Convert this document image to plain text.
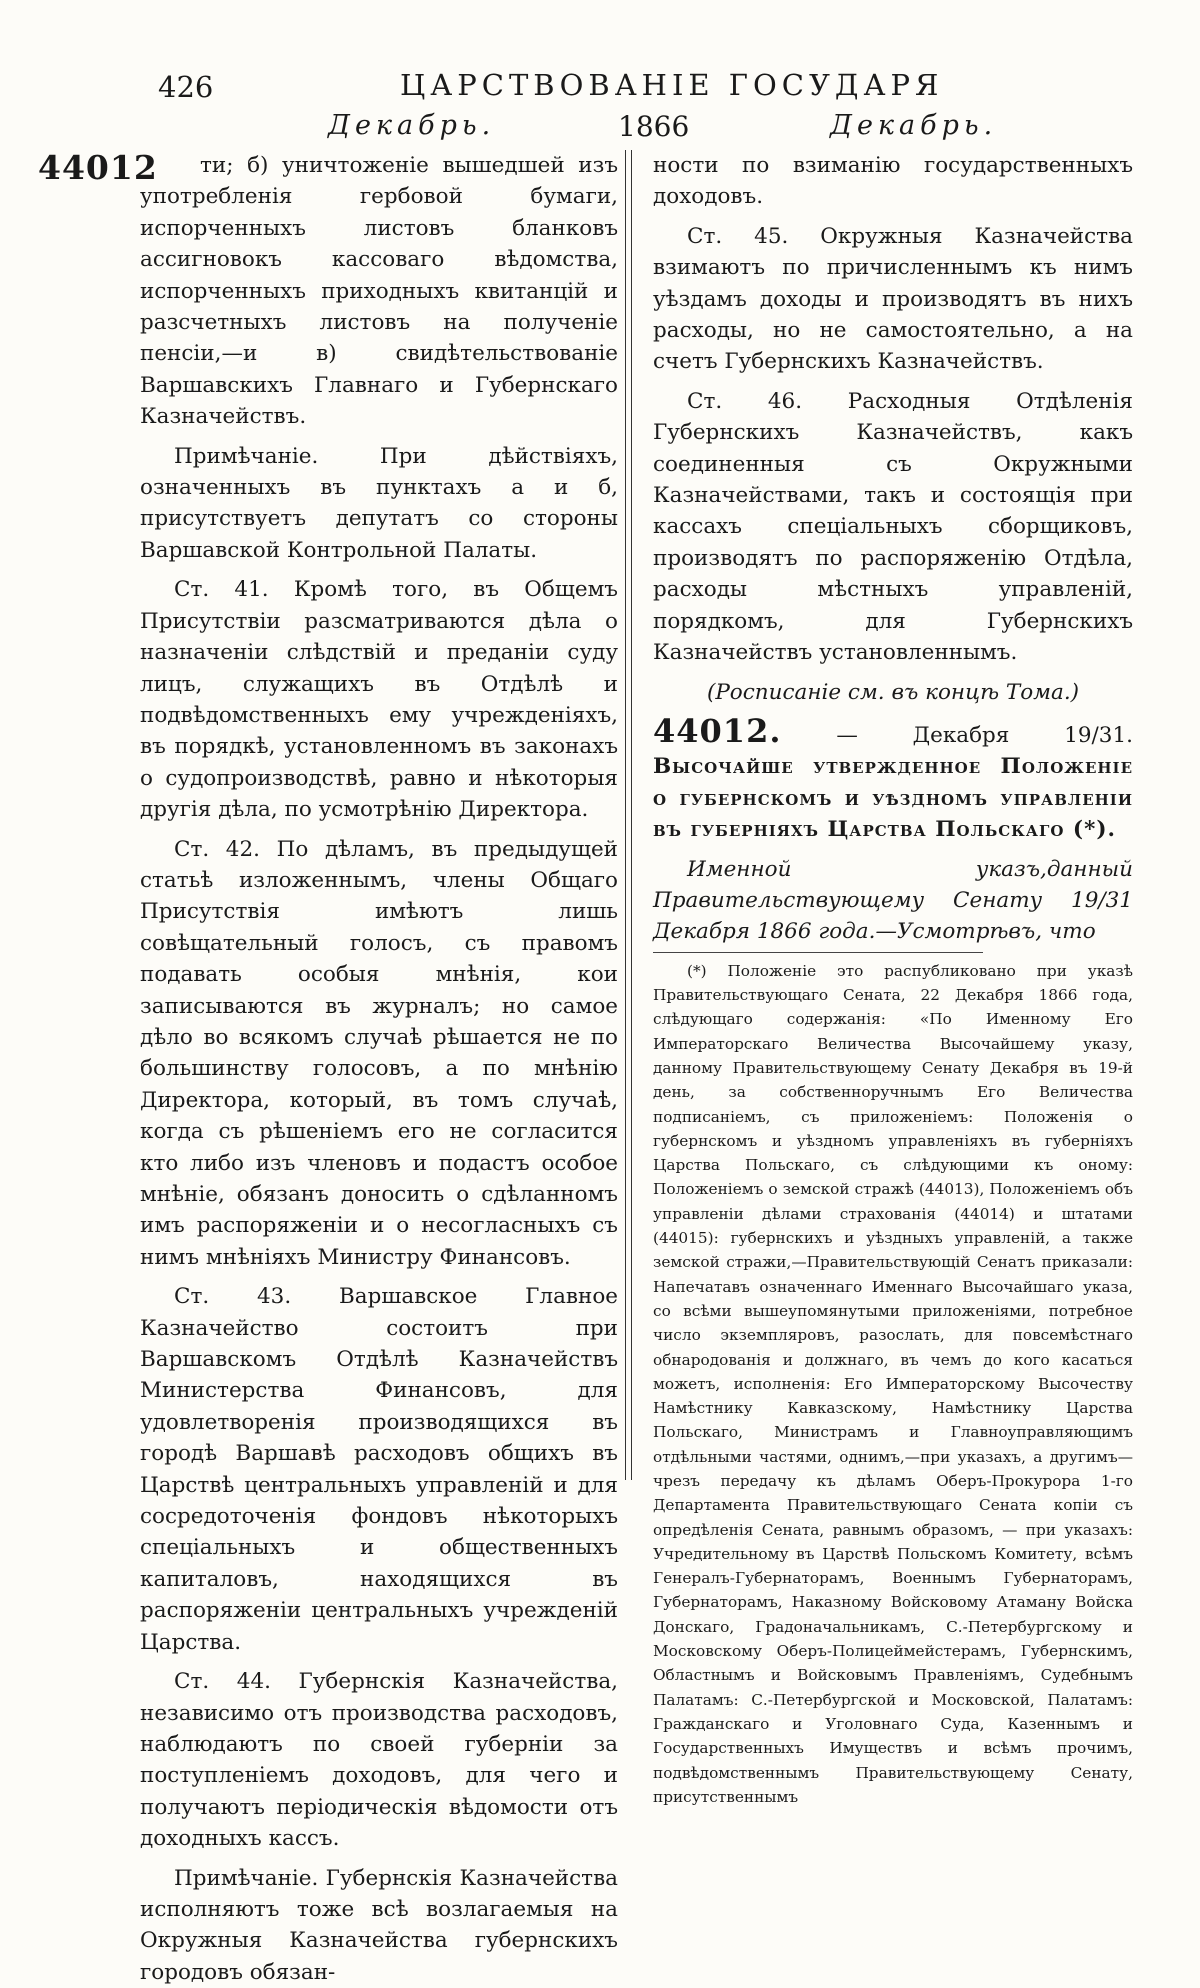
426	ЦАРСТВОВАНІЕ ГОСУДАРЯ
Декабрь.	1866	Декабрь.
44012	ти; б) уничтоженіе вышедшей изъ употребленія гербовой бумаги, испорченныхъ листовъ бланковъ ассигновокъ кассоваго вѣдомства, испорченныхъ приходныхъ квитанцій и разсчетныхъ листовъ на полученіе пенсіи,—и в) свидѣтельствованіе Варшавскихъ Главнаго и Губернскаго Казначействъ.

Примѣчаніе. При дѣйствіяхъ, означенныхъ въ пунктахъ а и б, присутствуетъ депутатъ со стороны Варшавской Контрольной Палаты.

Ст. 41. Кромѣ того, въ Общемъ Присутствіи разсматриваются дѣла о назначеніи слѣдствій и преданіи суду лицъ, служащихъ въ Отдѣлѣ и подвѣдомственныхъ ему учрежденіяхъ, въ порядкѣ, установленномъ въ законахъ о судопроизводствѣ, равно и нѣкоторыя другія дѣла, по усмотрѣнію Директора.

Ст. 42. По дѣламъ, въ предыдущей статьѣ изложеннымъ, члены Общаго Присутствія имѣютъ лишь совѣщательный голосъ, съ правомъ подавать особыя мнѣнія, кои записываются въ журналъ; но самое дѣло во всякомъ случаѣ рѣшается не по большинству голосовъ, а по мнѣнію Директора, который, въ томъ случаѣ, когда съ рѣшеніемъ его не согласится кто либо изъ членовъ и подастъ особое мнѣніе, обязанъ доносить о сдѣланномъ имъ распоряженіи и о несогласныхъ съ нимъ мнѣніяхъ Министру Финансовъ.

Ст. 43. Варшавское Главное Казначейство состоитъ при Варшавскомъ Отдѣлѣ Казначействъ Министерства Финансовъ, для удовлетворенія производящихся въ городѣ Варшавѣ расходовъ общихъ въ Царствѣ центральныхъ управленій и для сосредоточенія фондовъ нѣкоторыхъ спеціальныхъ и общественныхъ капиталовъ, находящихся въ распоряженіи центральныхъ учрежденій Царства.

Ст. 44. Губернскія Казначейства, независимо отъ производства расходовъ, наблюдаютъ по своей губерніи за поступленіемъ доходовъ, для чего и получаютъ періодическія вѣдомости отъ доходныхъ кассъ.

Примѣчаніе. Губернскія Казначейства исполняютъ тоже всѣ возлагаемыя на Окружныя Казначейства губернскихъ городовъ обязан-

ности по взиманію государственныхъ доходовъ.

Ст. 45. Окружныя Казначейства взимаютъ по причисленнымъ къ нимъ уѣздамъ доходы и производятъ въ нихъ расходы, но не самостоятельно, а на счетъ Губернскихъ Казначействъ.

Ст. 46. Расходныя Отдѣленія Губернскихъ Казначействъ, какъ соединенныя съ Окружными Казначействами, такъ и состоящія при кассахъ спеціальныхъ сборщиковъ, производятъ по распоряженію Отдѣла, расходы мѣстныхъ управленій, порядкомъ, для Губернскихъ Казначействъ установленнымъ.

(Росписаніе см. въ концѣ Тома.)

44012.	— Декабря 19/31. Высочайше утвержденное Положеніе о губернскомъ и уѣздномъ управленіи въ губерніяхъ Царства Польскаго (*).

Именной указъ,данный Правительствующему Сенату 19/31 Декабря 1866 года.—Усмотрѣвъ, что

(*) Положеніе это распубликовано при указѣ Правительствующаго Сената, 22 Декабря 1866 года, слѣдующаго содержанія: «По Именному Его Императорскаго Величества Высочайшему указу, данному Правительствующему Сенату Декабря въ 19-й день, за собственноручнымъ Его Величества подписаніемъ, съ приложеніемъ: Положенія о губернскомъ и уѣздномъ управленіяхъ въ губерніяхъ Царства Польскаго, съ слѣдующими къ оному: Положеніемъ о земской стражѣ (44013), Положеніемъ объ управленіи дѣлами страхованія (44014) и штатами (44015): губернскихъ и уѣздныхъ управленій, а также земской стражи,—Правительствующій Сенатъ приказали: Напечатавъ означеннаго Именнаго Высочайшаго указа, со всѣми вышеупомянутыми приложеніями, потребное число экземпляровъ, разослать, для повсемѣстнаго обнародованія и должнаго, въ чемъ до кого касаться можетъ, исполненія: Его Императорскому Высочеству Намѣстнику Кавказскому, Намѣстнику Царства Польскаго, Министрамъ и Главноуправляющимъ отдѣльными частями, однимъ,—при указахъ, а другимъ—чрезъ передачу къ дѣламъ Оберъ-Прокурора 1-го Департамента Правительствующаго Сената копіи съ опредѣленія Сената, равнымъ образомъ, — при указахъ: Учредительному въ Царствѣ Польскомъ Комитету, всѣмъ Генералъ-Губернаторамъ, Военнымъ Губернаторамъ, Губернаторамъ, Наказному Войсковому Атаману Войска Донскаго, Градоначальникамъ, С.-Петербургскому и Московскому Оберъ-Полицеймейстерамъ, Губернскимъ, Областнымъ и Войсковымъ Правленіямъ, Судебнымъ Палатамъ: С.-Петербургской и Московской, Палатамъ: Гражданскаго и Уголовнаго Суда, Казеннымъ и Государственныхъ Имуществъ и всѣмъ прочимъ, подвѣдомственнымъ Правительствующему Сенату, присутственнымъ
